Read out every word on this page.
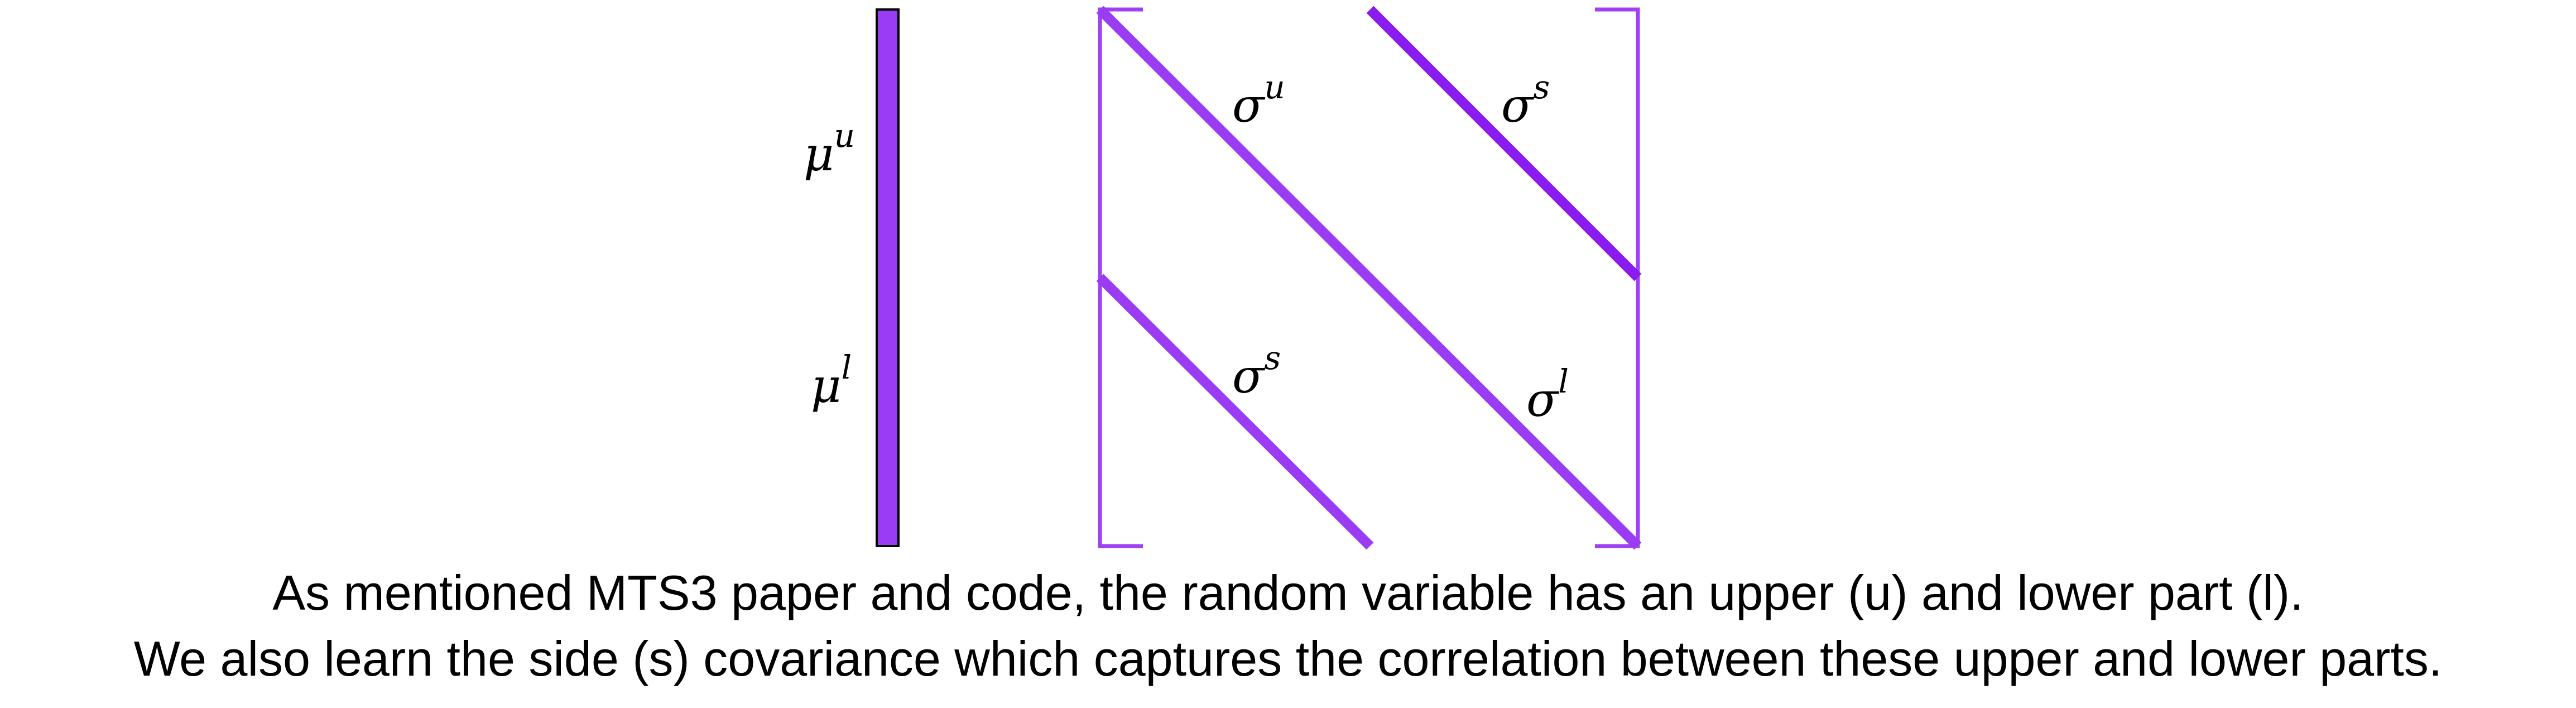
$\mu^u$
$\mu^l$
$\sigma^u$	$\sigma^s$
$\sigma^s$
$\sigma^l$
As mentioned MTS3 paper and code, the random variable has an upper (u) and lower part (l).
We also learn the side (s) covariance which captures the correlation between these upper and lower parts.
